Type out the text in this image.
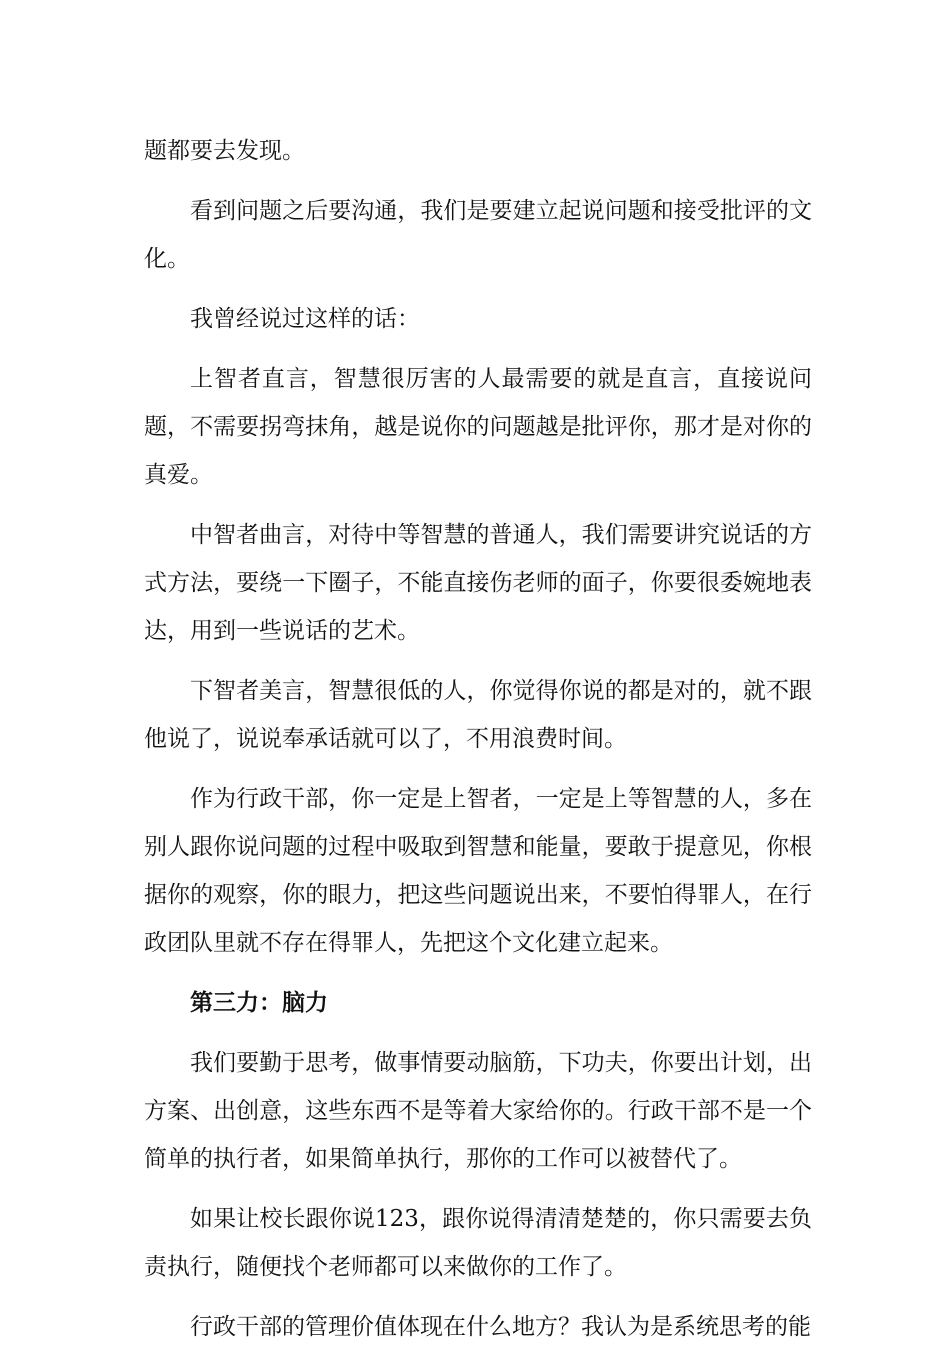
题都要去发现。

看到问题之后要沟通，我们是要建立起说问题和接受批评的文化。

我曾经说过这样的话：

上智者直言，智慧很厉害的人最需要的就是直言，直接说问题，不需要拐弯抹角，越是说你的问题越是批评你，那才是对你的真爱。

中智者曲言，对待中等智慧的普通人，我们需要讲究说话的方式方法，要绕一下圈子，不能直接伤老师的面子，你要很委婉地表达，用到一些说话的艺术。

下智者美言，智慧很低的人，你觉得你说的都是对的，就不跟他说了，说说奉承话就可以了，不用浪费时间。

作为行政干部，你一定是上智者，一定是上等智慧的人，多在别人跟你说问题的过程中吸取到智慧和能量，要敢于提意见，你根据你的观察，你的眼力，把这些问题说出来，不要怕得罪人，在行政团队里就不存在得罪人，先把这个文化建立起来。

第三力：脑力

我们要勤于思考，做事情要动脑筋，下功夫，你要出计划，出方案、出创意，这些东西不是等着大家给你的。行政干部不是一个简单的执行者，如果简单执行，那你的工作可以被替代了。

如果让校长跟你说123，跟你说得清清楚楚的，你只需要去负责执行，随便找个老师都可以来做你的工作了。

行政干部的管理价值体现在什么地方？我认为是系统思考的能
